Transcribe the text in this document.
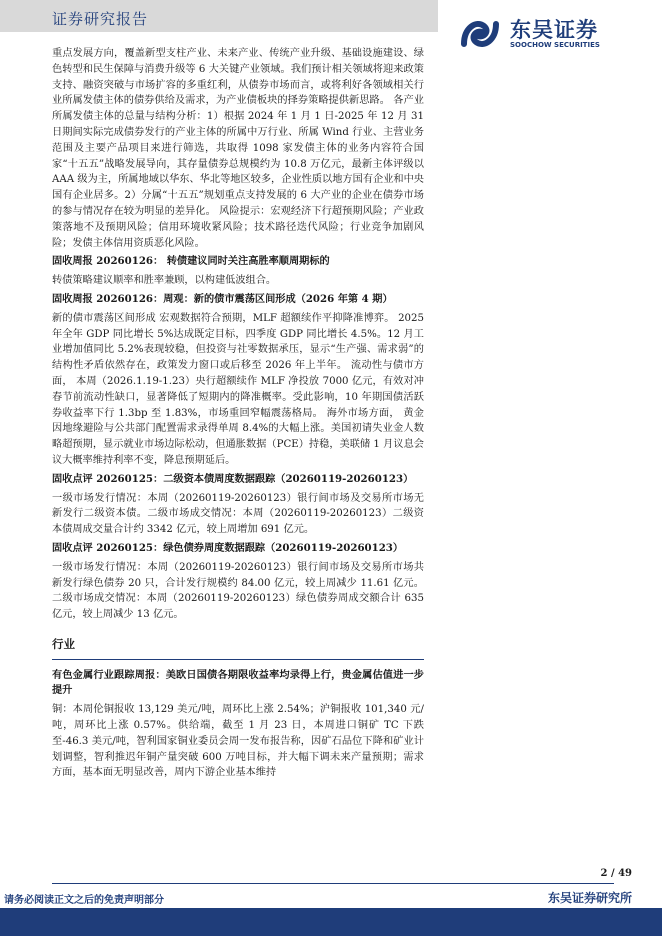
证券研究报告	东吴证券
SOOCHOW SECURITIES

重点发展方向，覆盖新型支柱产业、未来产业、传统产业升级、基础设施建设、绿色转型和民生保障与消费升级等 6 大关键产业领域。我们预计相关领域将迎来政策支持、融资突破与市场扩容的多重红利，从债券市场而言，或将利好各领域相关行业所属发债主体的债券供给及需求，为产业债板块的择券策略提供新思路。 各产业所属发债主体的总量与结构分析：1）根据 2024 年 1 月 1 日-2025 年 12 月 31 日期间实际完成债券发行的产业主体的所属中万行业、所属 Wind 行业、主营业务范围及主要产品项目来进行筛选，共取得 1098 家发债主体的业务内容符合国家“十五五”战略发展导向，其存量债券总规模约为 10.8 万亿元，最新主体评级以 AAA 级为主，所属地域以华东、华北等地区较多，企业性质以地方国有企业和中央国有企业居多。2）分属“十五五”规划重点支持发展的 6 大产业的企业在债券市场的参与情况存在较为明显的差异化。 风险提示：宏观经济下行超预期风险；产业政策落地不及预期风险；信用环境收紧风险；技术路径迭代风险；行业竞争加剧风险；发债主体信用资质恶化风险。

固收周报 20260126： 转债建议同时关注高胜率顺周期标的

转债策略建议顺率和胜率兼顾，以构建低波组合。

固收周报 20260126：周观：新的债市震荡区间形成（2026 年第 4 期）

新的债市震荡区间形成 宏观数据符合预期，MLF 超额续作平抑降准博弈。 2025 年全年 GDP 同比增长 5%达成既定目标，四季度 GDP 同比增长 4.5%。12 月工业增加值同比 5.2%表现较稳，但投资与社零数据承压，显示“生产强、需求弱”的结构性矛盾依然存在，政策发力窗口或后移至 2026 年上半年。 流动性与债市方面， 本周（2026.1.19-1.23）央行超额续作 MLF 净投放 7000 亿元，有效对冲春节前流动性缺口，显著降低了短期内的降准概率。受此影响，10 年期国债活跃券收益率下行 1.3bp 至 1.83%，市场重回窄幅震荡格局。 海外市场方面， 黄金因地缘避险与公共部门配置需求录得单周 8.4%的大幅上涨。美国初请失业金人数略超预期，显示就业市场边际松动，但通胀数据（PCE）持稳，美联储 1 月议息会议大概率维持利率不变，降息预期延后。

固收点评 20260125：二级资本债周度数据跟踪（20260119-20260123）

一级市场发行情况：本周（20260119-20260123）银行间市场及交易所市场无新发行二级资本债。二级市场成交情况：本周（20260119-20260123）二级资本债周成交量合计约 3342 亿元，较上周增加 691 亿元。

固收点评 20260125：绿色债券周度数据跟踪（20260119-20260123）

一级市场发行情况：本周（20260119-20260123）银行间市场及交易所市场共新发行绿色债券 20 只，合计发行规模约 84.00 亿元，较上周减少 11.61 亿元。二级市场成交情况：本周（20260119-20260123）绿色债券周成交额合计 635 亿元，较上周减少 13 亿元。

行业

有色金属行业跟踪周报：美欧日国债各期限收益率均录得上行，贵金属估值进一步提升

铜：本周伦铜报收 13,129 美元/吨，周环比上涨 2.54%；沪铜报收 101,340 元/吨，周环比上涨 0.57%。供给端，截至 1 月 23 日，本周进口铜矿 TC 下跌至-46.3 美元/吨，智利国家铜业委员会周一发布报告称，因矿石品位下降和矿业计划调整，智利推迟年铜产量突破 600 万吨目标，并大幅下调未来产量预期；需求方面，基本面无明显改善，周内下游企业基本维持

2 / 49
请务必阅读正文之后的免责声明部分	东吴证券研究所
